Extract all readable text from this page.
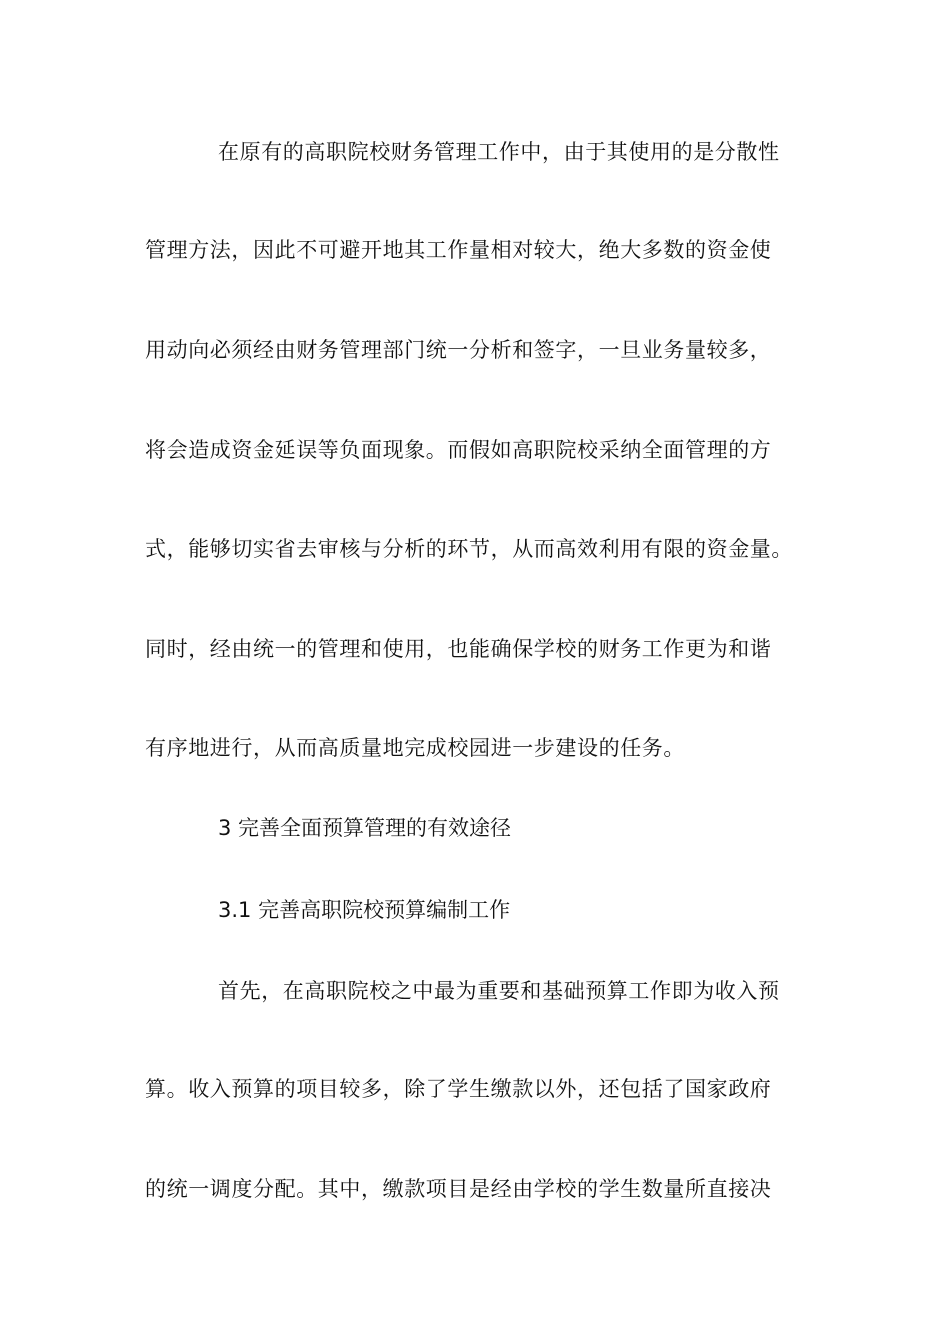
在原有的高职院校财务管理工作中，由于其使用的是分散性
管理方法，因此不可避开地其工作量相对较大，绝大多数的资金使
用动向必须经由财务管理部门统一分析和签字，一旦业务量较多，
将会造成资金延误等负面现象。而假如高职院校采纳全面管理的方
式，能够切实省去审核与分析的环节，从而高效利用有限的资金量。
同时，经由统一的管理和使用，也能确保学校的财务工作更为和谐
有序地进行，从而高质量地完成校园进一步建设的任务。
3 完善全面预算管理的有效途径
3.1 完善高职院校预算编制工作
首先，在高职院校之中最为重要和基础预算工作即为收入预
算。收入预算的项目较多，除了学生缴款以外，还包括了国家政府
的统一调度分配。其中，缴款项目是经由学校的学生数量所直接决
